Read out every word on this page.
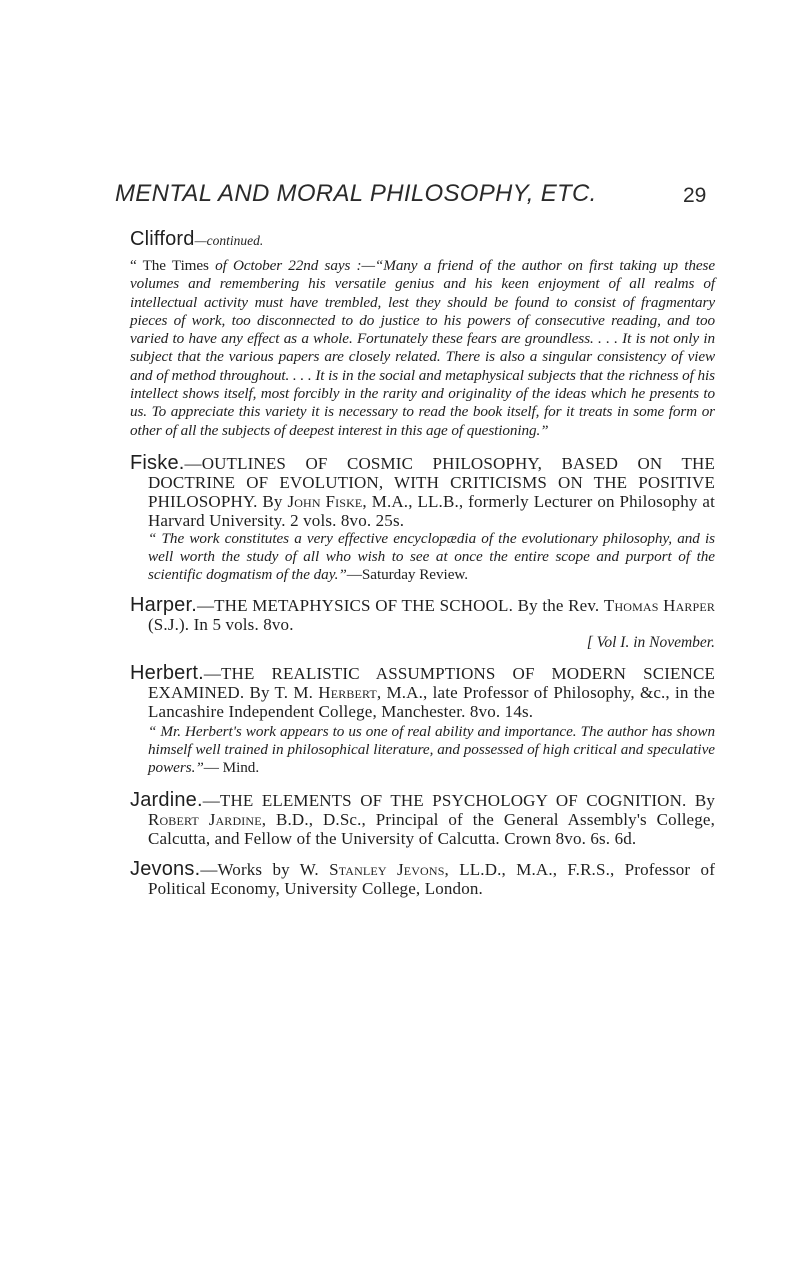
MENTAL AND MORAL PHILOSOPHY, ETC.	29
Clifford—continued.

“ The Times of October 22nd says :—“Many a friend of the author on first taking up these volumes and remembering his versatile genius and his keen enjoyment of all realms of intellectual activity must have trembled, lest they should be found to consist of fragmentary pieces of work, too disconnected to do justice to his powers of consecutive reading, and too varied to have any effect as a whole. Fortunately these fears are groundless. . . . It is not only in subject that the various papers are closely related. There is also a singular consistency of view and of method throughout. . . . It is in the social and metaphysical subjects that the richness of his intellect shows itself, most forcibly in the rarity and originality of the ideas which he presents to us. To appreciate this variety it is necessary to read the book itself, for it treats in some form or other of all the subjects of deepest interest in this age of questioning.”

Fiske.—OUTLINES OF COSMIC PHILOSOPHY, BASED ON THE DOCTRINE OF EVOLUTION, WITH CRITICISMS ON THE POSITIVE PHILOSOPHY. By John Fiske, M.A., LL.B., formerly Lecturer on Philosophy at Harvard University. 2 vols. 8vo. 25s.

“ The work constitutes a very effective encyclopædia of the evolutionary philosophy, and is well worth the study of all who wish to see at once the entire scope and purport of the scientific dogmatism of the day.”—Saturday Review.

Harper.—THE METAPHYSICS OF THE SCHOOL. By the Rev. Thomas Harper (S.J.). In 5 vols. 8vo.

[ Vol I. in November.

Herbert.—THE REALISTIC ASSUMPTIONS OF MODERN SCIENCE EXAMINED. By T. M. Herbert, M.A., late Professor of Philosophy, &c., in the Lancashire Independent College, Manchester. 8vo. 14s.

“ Mr. Herbert's work appears to us one of real ability and importance. The author has shown himself well trained in philosophical literature, and possessed of high critical and speculative powers.”— Mind.

Jardine.—THE ELEMENTS OF THE PSYCHOLOGY OF COGNITION. By Robert Jardine, B.D., D.Sc., Principal of the General Assembly's College, Calcutta, and Fellow of the University of Calcutta. Crown 8vo. 6s. 6d.

Jevons.—Works by W. Stanley Jevons, LL.D., M.A., F.R.S., Professor of Political Economy, University College, London.
